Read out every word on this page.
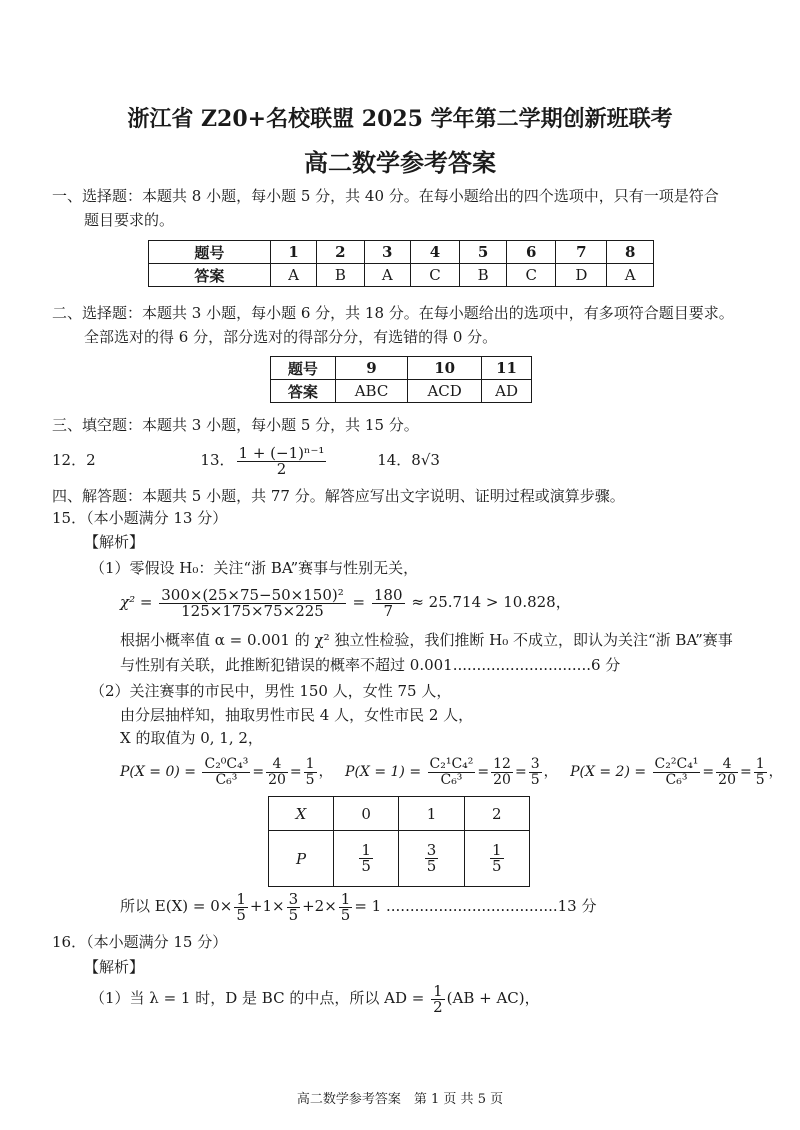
浙江省 Z20+名校联盟 2025 学年第二学期创新班联考
高二数学参考答案
一、选择题：本题共 8 小题，每小题 5 分，共 40 分。在每小题给出的四个选项中，只有一项是符合
题目要求的。
题号	1	2	3	4	5	6	7	8
答案	A	B	A	C	B	C	D	A
二、选择题：本题共 3 小题，每小题 6 分，共 18 分。在每小题给出的选项中，有多项符合题目要求。
全部选对的得 6 分，部分选对的得部分分，有选错的得 0 分。
题号	9	10	11
答案	ABC	ACD	AD
三、填空题：本题共 3 小题，每小题 5 分，共 15 分。
12．2	13． $\frac{\text{1 + (−1)ⁿ⁻¹}}{2}$	14．8√3
四、解答题：本题共 5 小题，共 77 分。解答应写出文字说明、证明过程或演算步骤。
15．（本小题满分 13 分）
【解析】
（1）零假设 H₀：关注“浙 BA”赛事与性别无关，
$\chi^2 = \frac{\text{300×(25×75−50×150)²}}{125\times 175\times 75\times 225} = \frac{180}{7} \approx 25.714 > 10.828$，
根据小概率值 α = 0.001 的 χ² 独立性检验，我们推断 H₀ 不成立，即认为关注“浙 BA”赛事
与性别有关联，此推断犯错误的概率不超过 0.001.............................6 分
（2）关注赛事的市民中，男性 150 人，女性 75 人，
由分层抽样知，抽取男性市民 4 人，女性市民 2 人，
X 的取值为 0, 1, 2，
$P(X = 0) = \frac{\text{C₂⁰C₄³}}{\text{C₆³}} = \frac{4}{20} = \frac{1}{5}$ ， $P(X = 1) = \frac{\text{C₂¹C₄²}}{\text{C₆³}} = \frac{12}{20} = \frac{3}{5}$ ， $P(X = 2) = \frac{\text{C₂²C₄¹}}{\text{C₆³}} = \frac{4}{20} = \frac{1}{5}$ ，
X	0	1	2
P	$\frac{1}{5}$	$\frac{3}{5}$	$\frac{1}{5}$
所以 $E(X) = 0\times \frac{1}{5} +1\times \frac{3}{5} +2\times \frac{1}{5} = 1$ ....................................13 分
16．（本小题满分 15 分）
【解析】
（1）当 λ = 1 时，D 是 BC 的中点，所以 AD = $\frac{1}{2} (AB + AC)$，
高二数学参考答案　第 1 页 共 5 页
